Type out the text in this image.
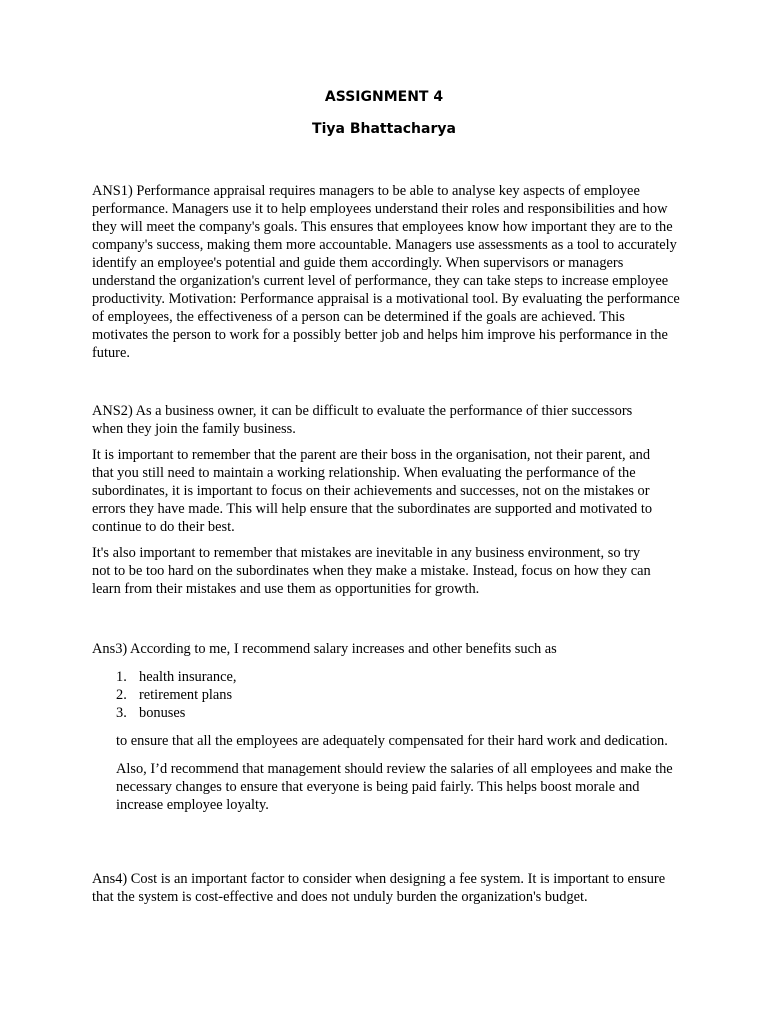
ASSIGNMENT 4
Tiya Bhattacharya

ANS1) Performance appraisal requires managers to be able to analyse key aspects of employee performance. Managers use it to help employees understand their roles and responsibilities and how they will meet the company's goals. This ensures that employees know how important they are to the company's success, making them more accountable. Managers use assessments as a tool to accurately identify an employee's potential and guide them accordingly. When supervisors or managers understand the organization's current level of performance, they can take steps to increase employee productivity. Motivation: Performance appraisal is a motivational tool. By evaluating the performance of employees, the effectiveness of a person can be determined if the goals are achieved. This motivates the person to work for a possibly better job and helps him improve his performance in the future.

ANS2) As a business owner, it can be difficult to evaluate the performance of thier successors when they join the family business.

It is important to remember that the parent are their boss in the organisation, not their parent, and that you still need to maintain a working relationship. When evaluating the performance of the subordinates, it is important to focus on their achievements and successes, not on the mistakes or errors they have made. This will help ensure that the subordinates are supported and motivated to continue to do their best.

It's also important to remember that mistakes are inevitable in any business environment, so try not to be too hard on the subordinates when they make a mistake. Instead, focus on how they can learn from their mistakes and use them as opportunities for growth.

Ans3) According to me, I recommend salary increases and other benefits such as

1. health insurance,
2. retirement plans
3. bonuses

to ensure that all the employees are adequately compensated for their hard work and dedication.

Also, I’d recommend that management should review the salaries of all employees and make the necessary changes to ensure that everyone is being paid fairly. This helps boost morale and increase employee loyalty.

Ans4) Cost is an important factor to consider when designing a fee system. It is important to ensure that the system is cost-effective and does not unduly burden the organization's budget.
